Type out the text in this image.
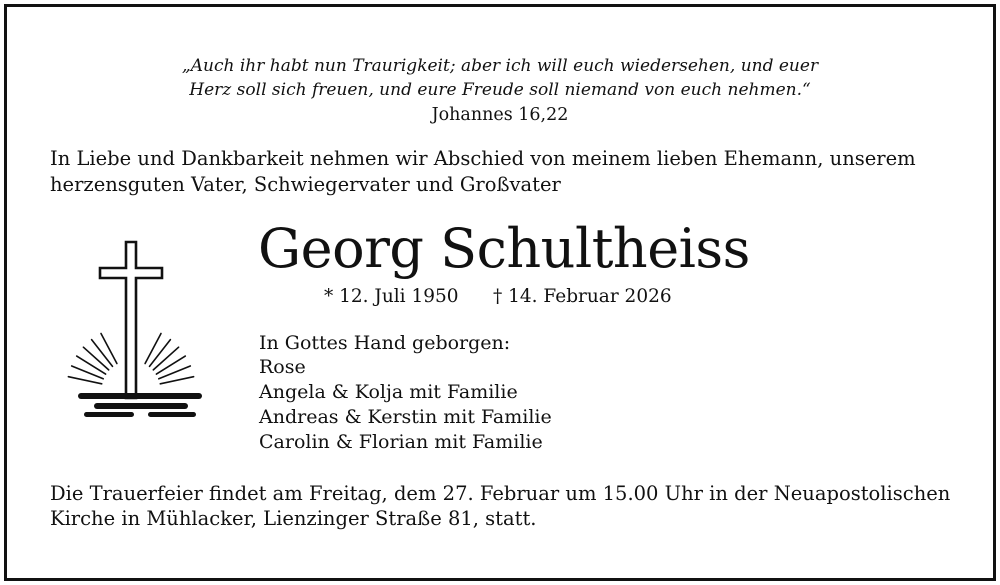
„Auch ihr habt nun Traurigkeit; aber ich will euch wiedersehen, und euer
Herz soll sich freuen, und eure Freude soll niemand von euch nehmen.“
Johannes 16,22
In Liebe und Dankbarkeit nehmen wir Abschied von meinem lieben Ehemann, unserem
herzensguten Vater, Schwiegervater und Großvater
Georg Schultheiss
* 12. Juli 1950 † 14. Februar 2026
In Gottes Hand geborgen:
Rose
Angela & Kolja mit Familie
Andreas & Kerstin mit Familie
Carolin & Florian mit Familie
Die Trauerfeier findet am Freitag, dem 27. Februar um 15.00 Uhr in der Neuapostolischen
Kirche in Mühlacker, Lienzinger Straße 81, statt.
